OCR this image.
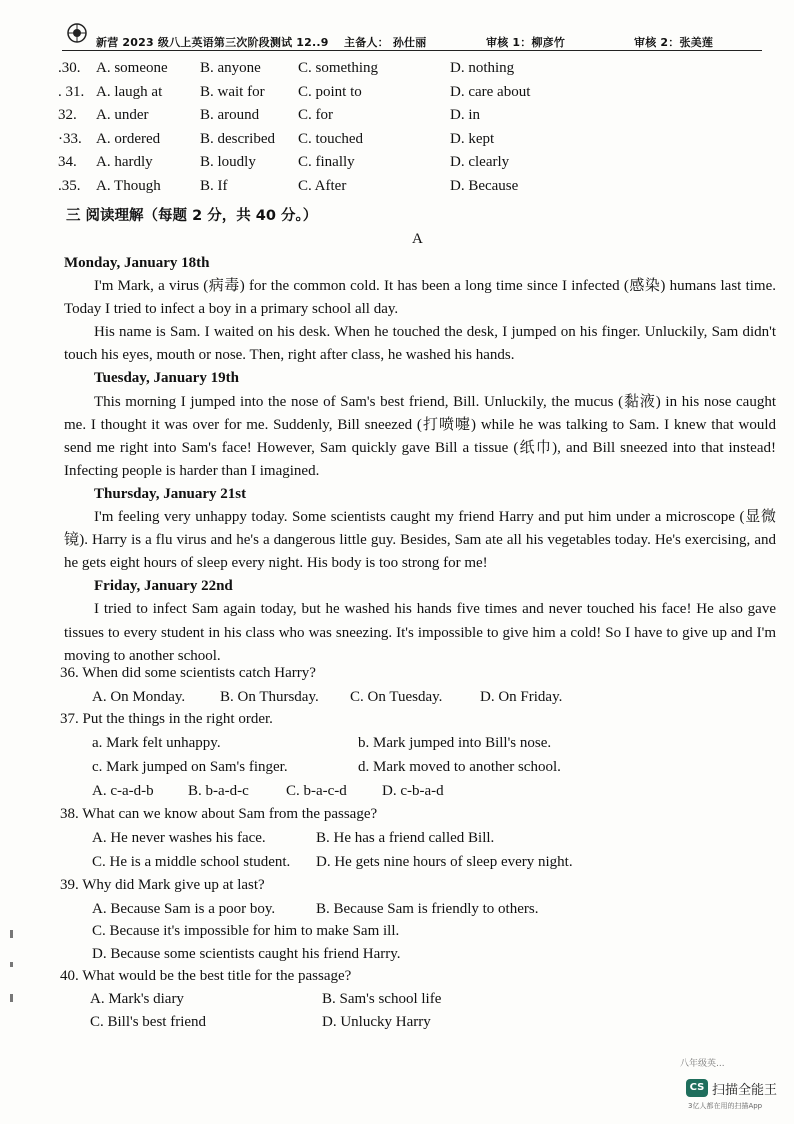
新营 2023 级八上英语第三次阶段测试 12..9 主备人： 孙仕丽	审核 1：柳彦竹	审核 2：张美莲
.30. A. someone B. anyone C. something	D. nothing
. 31. A. laugh at	B. wait for C. point to	D. care about
32. A. under	B. around	C. for	D. in
·33. A. ordered	B. described C. touched	D. kept
34. A. hardly	B. loudly	C. finally	D. clearly
.35. A. Though	B. If	C. After	D. Because
三 阅读理解（每题 2 分，共 40 分。）
A

Monday, January 18th

I'm Mark, a virus (病毒) for the common cold. It has been a long time since I infected (感染) humans last time. Today I tried to infect a boy in a primary school all day.

His name is Sam. I waited on his desk. When he touched the desk, I jumped on his finger. Unluckily, Sam didn't touch his eyes, mouth or nose. Then, right after class, he washed his hands.

Tuesday, January 19th

This morning I jumped into the nose of Sam's best friend, Bill. Unluckily, the mucus (黏液) in his nose caught me. I thought it was over for me. Suddenly, Bill sneezed (打喷嚏) while he was talking to Sam. I knew that would send me right into Sam's face! However, Sam quickly gave Bill a tissue (纸巾), and Bill sneezed into that instead! Infecting people is harder than I imagined.

Thursday, January 21st

I'm feeling very unhappy today. Some scientists caught my friend Harry and put him under a microscope (显微镜). Harry is a flu virus and he's a dangerous little guy. Besides, Sam ate all his vegetables today. He's exercising, and he gets eight hours of sleep every night. His body is too strong for me!

Friday, January 22nd

I tried to infect Sam again today, but he washed his hands five times and never touched his face! He also gave tissues to every student in his class who was sneezing. It's impossible to give him a cold! So I have to give up and I'm moving to another school.

36. When did some scientists catch Harry?
A. On Monday. B. On Thursday. C. On Tuesday.	D. On Friday.
37. Put the things in the right order.
a. Mark felt unhappy.	b. Mark jumped into Bill's nose.
c. Mark jumped on Sam's finger.	d. Mark moved to another school.
A. c-a-d-b B. b-a-d-c C. b-a-c-d D. c-b-a-d
38. What can we know about Sam from the passage?
A. He never washes his face.	B. He has a friend called Bill.
C. He is a middle school student. D. He gets nine hours of sleep every night.
39. Why did Mark give up at last?
A. Because Sam is a poor boy.	B. Because Sam is friendly to others.
C. Because it's impossible for him to make Sam ill.
D. Because some scientists caught his friend Harry.
40. What would be the best title for the passage?
A. Mark's diary	B. Sam's school life
C. Bill's best friend	D. Unlucky Harry
八年级英...
CS 扫描全能王
3亿人都在用的扫描App
